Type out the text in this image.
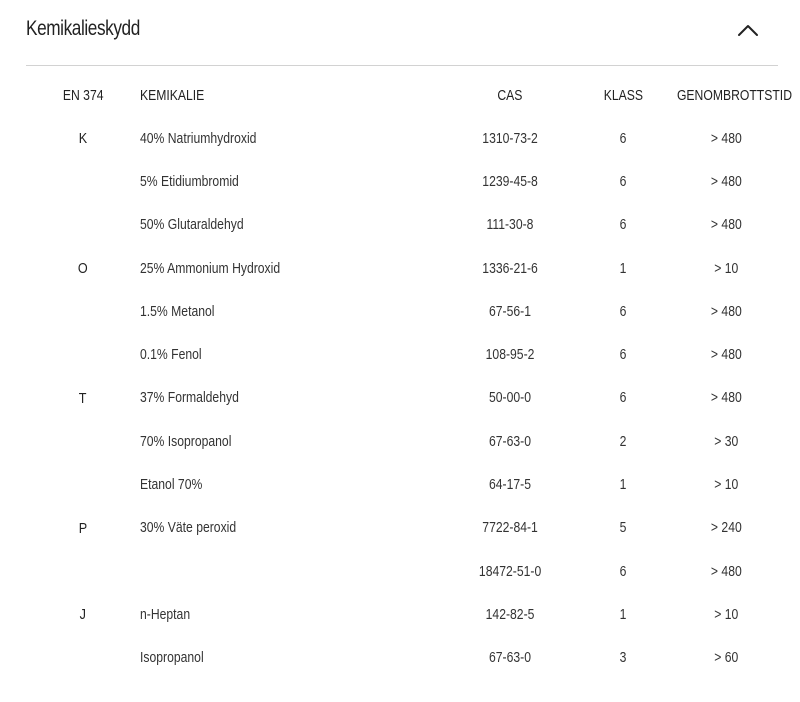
Kemikalieskydd
EN 374	KEMIKALIE	CAS	KLASS	GENOMBROTTSTID
K	40% Natriumhydroxid	1310-73-2	6	> 480
	5% Etidiumbromid	1239-45-8	6	> 480
	50% Glutaraldehyd	111-30-8	6	> 480
O	25% Ammonium Hydroxid	1336-21-6	1	> 10
	1.5% Metanol	67-56-1	6	> 480
	0.1% Fenol	108-95-2	6	> 480
T	37% Formaldehyd	50-00-0	6	> 480
	70% Isopropanol	67-63-0	2	> 30
	Etanol 70%	64-17-5	1	> 10
P	30% Väte peroxid	7722-84-1	5	> 240
		18472-51-0	6	> 480
J	n-Heptan	142-82-5	1	> 10
	Isopropanol	67-63-0	3	> 60
